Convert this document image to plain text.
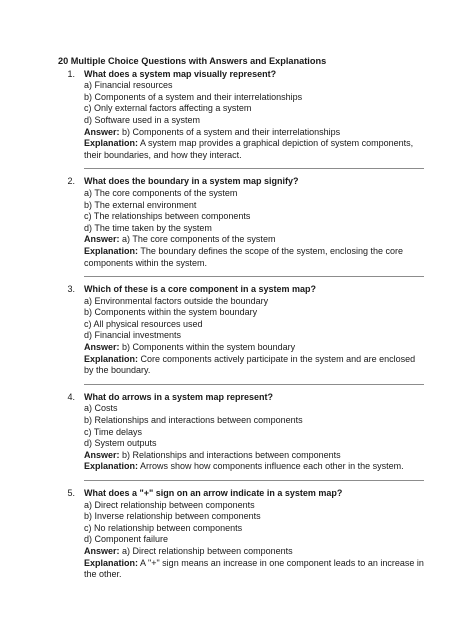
20 Multiple Choice Questions with Answers and Explanations
1.	What does a system map visually represent?
a) Financial resources
b) Components of a system and their interrelationships
c) Only external factors affecting a system
d) Software used in a system
Answer: b) Components of a system and their interrelationships
Explanation: A system map provides a graphical depiction of system components, their boundaries, and how they interact.
2.	What does the boundary in a system map signify?
a) The core components of the system
b) The external environment
c) The relationships between components
d) The time taken by the system
Answer: a) The core components of the system
Explanation: The boundary defines the scope of the system, enclosing the core components within the system.
3.	Which of these is a core component in a system map?
a) Environmental factors outside the boundary
b) Components within the system boundary
c) All physical resources used
d) Financial investments
Answer: b) Components within the system boundary
Explanation: Core components actively participate in the system and are enclosed by the boundary.
4.	What do arrows in a system map represent?
a) Costs
b) Relationships and interactions between components
c) Time delays
d) System outputs
Answer: b) Relationships and interactions between components
Explanation: Arrows show how components influence each other in the system.
5.	What does a "+" sign on an arrow indicate in a system map?
a) Direct relationship between components
b) Inverse relationship between components
c) No relationship between components
d) Component failure
Answer: a) Direct relationship between components
Explanation: A "+" sign means an increase in one component leads to an increase in the other.
